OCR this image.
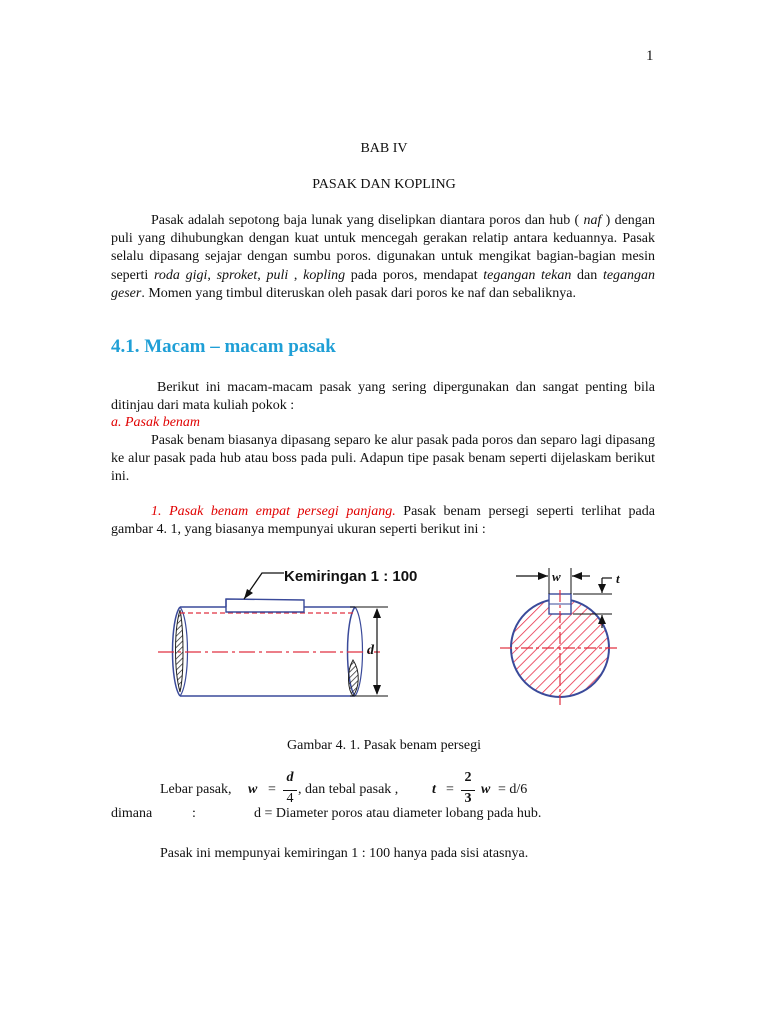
1
BAB IV
PASAK DAN KOPLING
Pasak adalah sepotong baja lunak yang diselipkan diantara poros dan hub ( naf ) dengan puli yang dihubungkan dengan kuat untuk mencegah gerakan relatip antara keduannya. Pasak selalu dipasang sejajar dengan sumbu poros. digunakan untuk mengikat bagian-bagian mesin seperti roda gigi, sproket, puli , kopling pada poros, mendapat tegangan tekan dan tegangan geser. Momen yang timbul diteruskan oleh pasak dari poros ke naf dan sebaliknya.
4.1. Macam – macam pasak
Berikut ini macam-macam pasak yang sering dipergunakan dan sangat penting bila ditinjau dari mata kuliah pokok :
a. Pasak benam
Pasak benam biasanya dipasang separo ke alur pasak pada poros dan separo lagi dipasang ke alur pasak pada hub atau boss pada puli. Adapun tipe pasak benam seperti dijelaskam berikut ini.
1. Pasak benam empat persegi panjang. Pasak benam persegi seperti terlihat pada gambar 4. 1, yang biasanya mempunyai ukuran seperti berikut ini :
Kemiringan 1 : 100
d
w	t
Gambar 4. 1. Pasak benam persegi
Lebar pasak, w =
d
4
, dan tebal pasak , t =
2
3
w = d/6
dimana	:	d = Diameter poros atau diameter lobang pada hub.
Pasak ini mempunyai kemiringan 1 : 100 hanya pada sisi atasnya.
